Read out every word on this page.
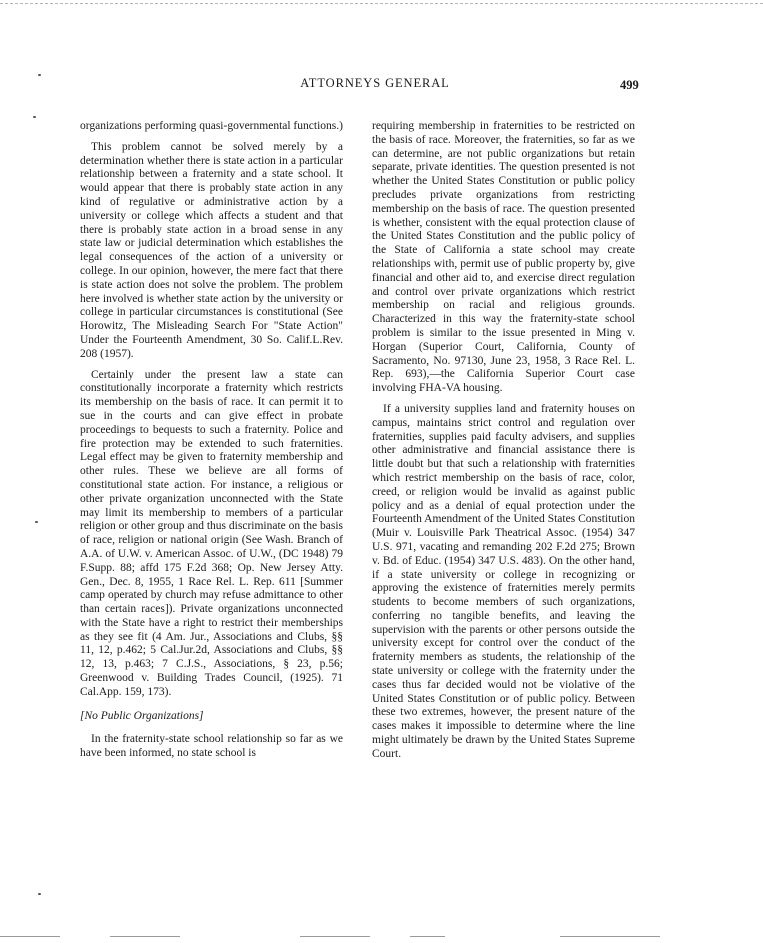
ATTORNEYS GENERAL	499

organizations performing quasi-governmental functions.)

This problem cannot be solved merely by a determination whether there is state action in a particular relationship between a fraternity and a state school. It would appear that there is probably state action in any kind of regulative or administrative action by a university or college which affects a student and that there is probably state action in a broad sense in any state law or judicial determination which establishes the legal consequences of the action of a university or college. In our opinion, however, the mere fact that there is state action does not solve the problem. The problem here involved is whether state action by the university or college in particular circumstances is constitutional (See Horowitz, The Misleading Search For "State Action" Under the Fourteenth Amendment, 30 So. Calif.L.Rev. 208 (1957).

Certainly under the present law a state can constitutionally incorporate a fraternity which restricts its membership on the basis of race. It can permit it to sue in the courts and can give effect in probate proceedings to bequests to such a fraternity. Police and fire protection may be extended to such fraternities. Legal effect may be given to fraternity membership and other rules. These we believe are all forms of constitutional state action. For instance, a religious or other private organization unconnected with the State may limit its membership to members of a particular religion or other group and thus discriminate on the basis of race, religion or national origin (See Wash. Branch of A.A. of U.W. v. American Assoc. of U.W., (DC 1948) 79 F.Supp. 88; affd 175 F.2d 368; Op. New Jersey Atty. Gen., Dec. 8, 1955, 1 Race Rel. L. Rep. 611 [Summer camp operated by church may refuse admittance to other than certain races]). Private organizations unconnected with the State have a right to restrict their memberships as they see fit (4 Am. Jur., Associations and Clubs, §§ 11, 12, p.462; 5 Cal.Jur.2d, Associations and Clubs, §§ 12, 13, p.463; 7 C.J.S., Associations, § 23, p.56; Greenwood v. Building Trades Council, (1925). 71 Cal.App. 159, 173).

[No Public Organizations]

In the fraternity-state school relationship so far as we have been informed, no state school is

requiring membership in fraternities to be restricted on the basis of race. Moreover, the fraternities, so far as we can determine, are not public organizations but retain separate, private identities. The question presented is not whether the United States Constitution or public policy precludes private organizations from restricting membership on the basis of race. The question presented is whether, consistent with the equal protection clause of the United States Constitution and the public policy of the State of California a state school may create relationships with, permit use of public property by, give financial and other aid to, and exercise direct regulation and control over private organizations which restrict membership on racial and religious grounds. Characterized in this way the fraternity-state school problem is similar to the issue presented in Ming v. Horgan (Superior Court, California, County of Sacramento, No. 97130, June 23, 1958, 3 Race Rel. L. Rep. 693),—the California Superior Court case involving FHA-VA housing.

If a university supplies land and fraternity houses on campus, maintains strict control and regulation over fraternities, supplies paid faculty advisers, and supplies other administrative and financial assistance there is little doubt but that such a relationship with fraternities which restrict membership on the basis of race, color, creed, or religion would be invalid as against public policy and as a denial of equal protection under the Fourteenth Amendment of the United States Constitution (Muir v. Louisville Park Theatrical Assoc. (1954) 347 U.S. 971, vacating and remanding 202 F.2d 275; Brown v. Bd. of Educ. (1954) 347 U.S. 483). On the other hand, if a state university or college in recognizing or approving the existence of fraternities merely permits students to become members of such organizations, conferring no tangible benefits, and leaving the supervision with the parents or other persons outside the university except for control over the conduct of the fraternity members as students, the relationship of the state university or college with the fraternity under the cases thus far decided would not be violative of the United States Constitution or of public policy. Between these two extremes, however, the present nature of the cases makes it impossible to determine where the line might ultimately be drawn by the United States Supreme Court.
